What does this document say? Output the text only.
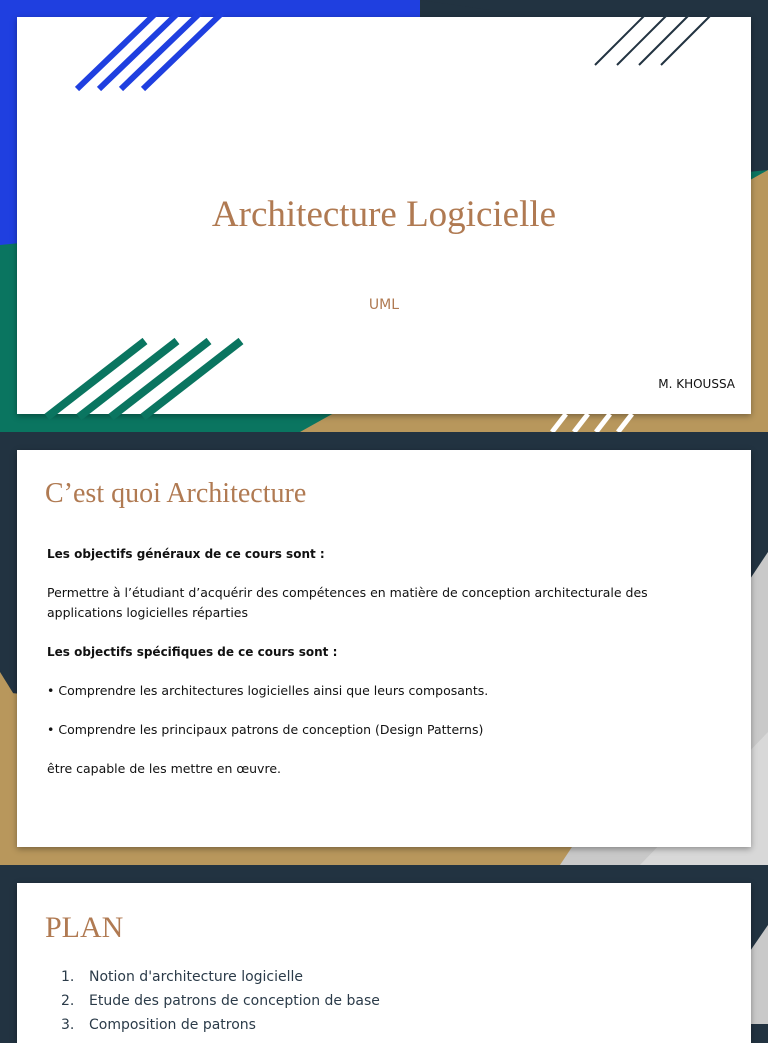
Architecture Logicielle
UML
M. KHOUSSA
C’est quoi Architecture

Les objectifs généraux de ce cours sont :

Permettre à l’étudiant d’acquérir des compétences en matière de conception architecturale des applications logicielles réparties

Les objectifs spécifiques de ce cours sont :

• Comprendre les architectures logicielles ainsi que leurs composants.

• Comprendre les principaux patrons de conception (Design Patterns)

être capable de les mettre en œuvre.

PLAN
1. Notion d'architecture logicielle
2. Etude des patrons de conception de base
3. Composition de patrons
